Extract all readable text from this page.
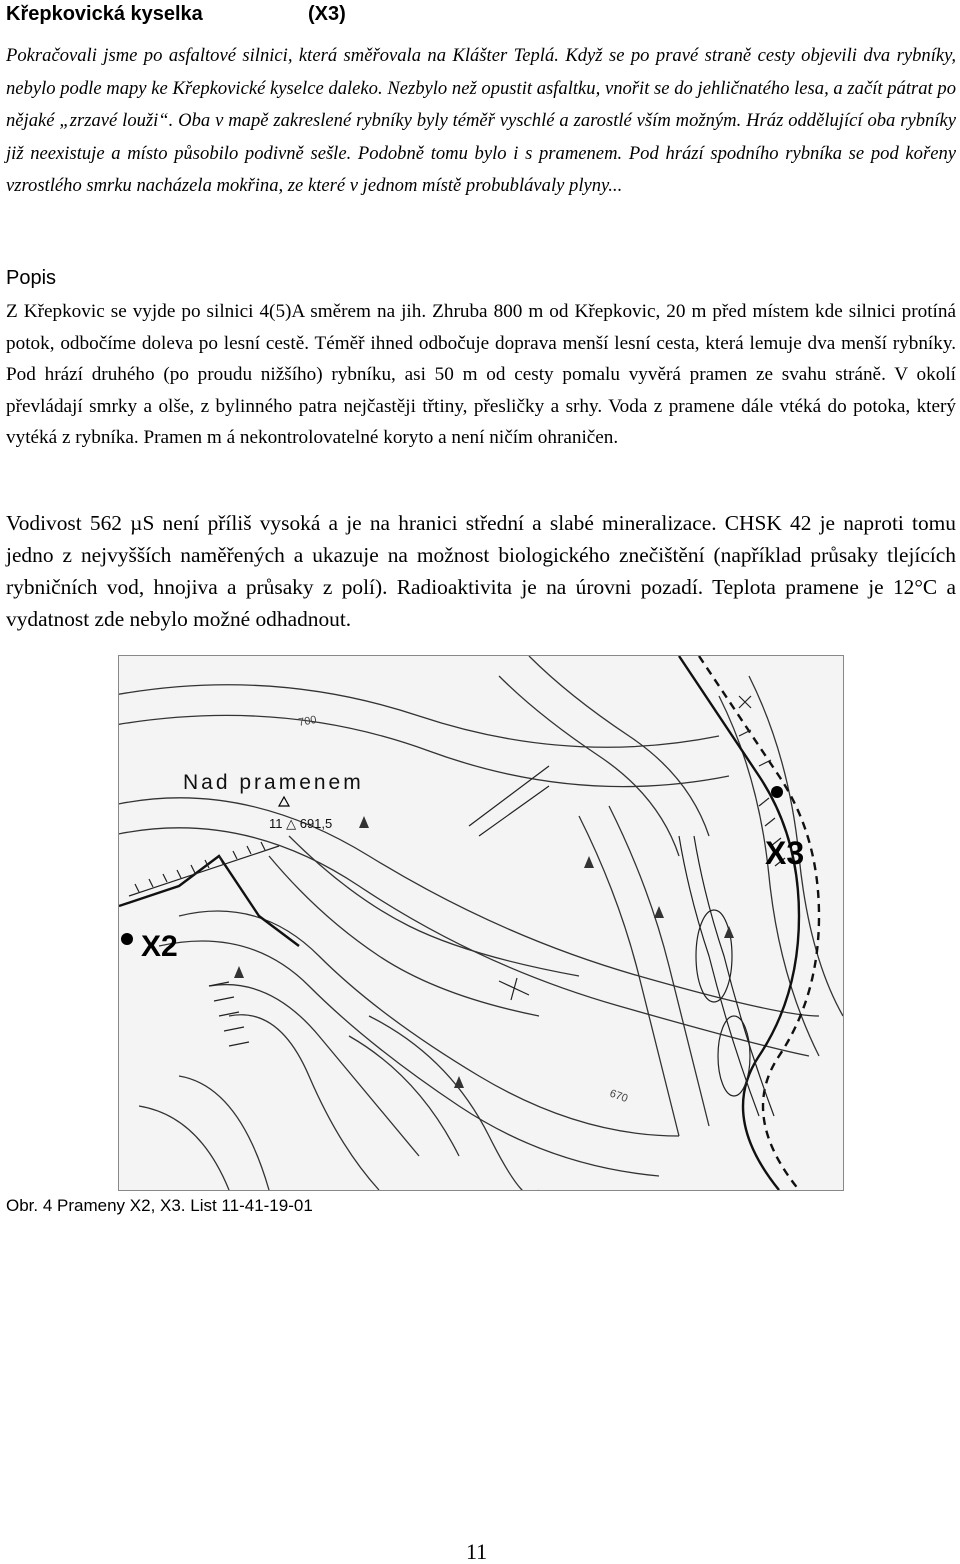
Křepkovická kyselka	(X3)

Pokračovali jsme po asfaltové silnici, která směřovala na Klášter Teplá. Když se po pravé straně cesty objevili dva rybníky, nebylo podle mapy ke Křepkovické kyselce daleko. Nezbylo než opustit asfaltku, vnořit se do jehličnatého lesa, a začít pátrat po nějaké „zrzavé louži“. Oba v mapě zakreslené rybníky byly téměř vyschlé a zarostlé vším možným. Hráz oddělující oba rybníky již neexistuje a místo působilo podivně sešle. Podobně tomu bylo i s pramenem. Pod hrází spodního rybníka se pod kořeny vzrostlého smrku nacházela mokřina, ze které v jednom místě probublávaly plyny...

Popis

Z Křepkovic se vyjde po silnici 4(5)A směrem na jih. Zhruba 800 m od Křepkovic, 20 m před místem kde silnici protíná potok, odbočíme doleva po lesní cestě. Téměř ihned odbočuje doprava menší lesní cesta, která lemuje dva menší rybníky. Pod hrází druhého (po proudu nižšího) rybníku, asi 50 m od cesty pomalu vyvěrá pramen ze svahu stráně. V okolí převládají smrky a olše, z bylinného patra nejčastěji třtiny, přesličky a srhy. Voda z pramene dále vtéká do potoka, který vytéká z rybníka. Pramen m á nekontrolovatelné koryto a není ničím ohraničen.

Vodivost 562 µS není příliš vysoká a je na hranici střední a slabé mineralizace. CHSK 42 je naproti tomu jedno z nejvyšších naměřených a ukazuje na možnost biologického znečištění (například průsaky tlejících rybničních vod, hnojiva a průsaky z polí). Radioaktivita je na úrovni pozadí. Teplota pramene je 12°C a vydatnost zde nebylo možné odhadnout.

Nad pramenem
11 △ 691,5
X2
X3
700
670
Obr. 4 Prameny X2, X3. List 11-41-19-01
11
